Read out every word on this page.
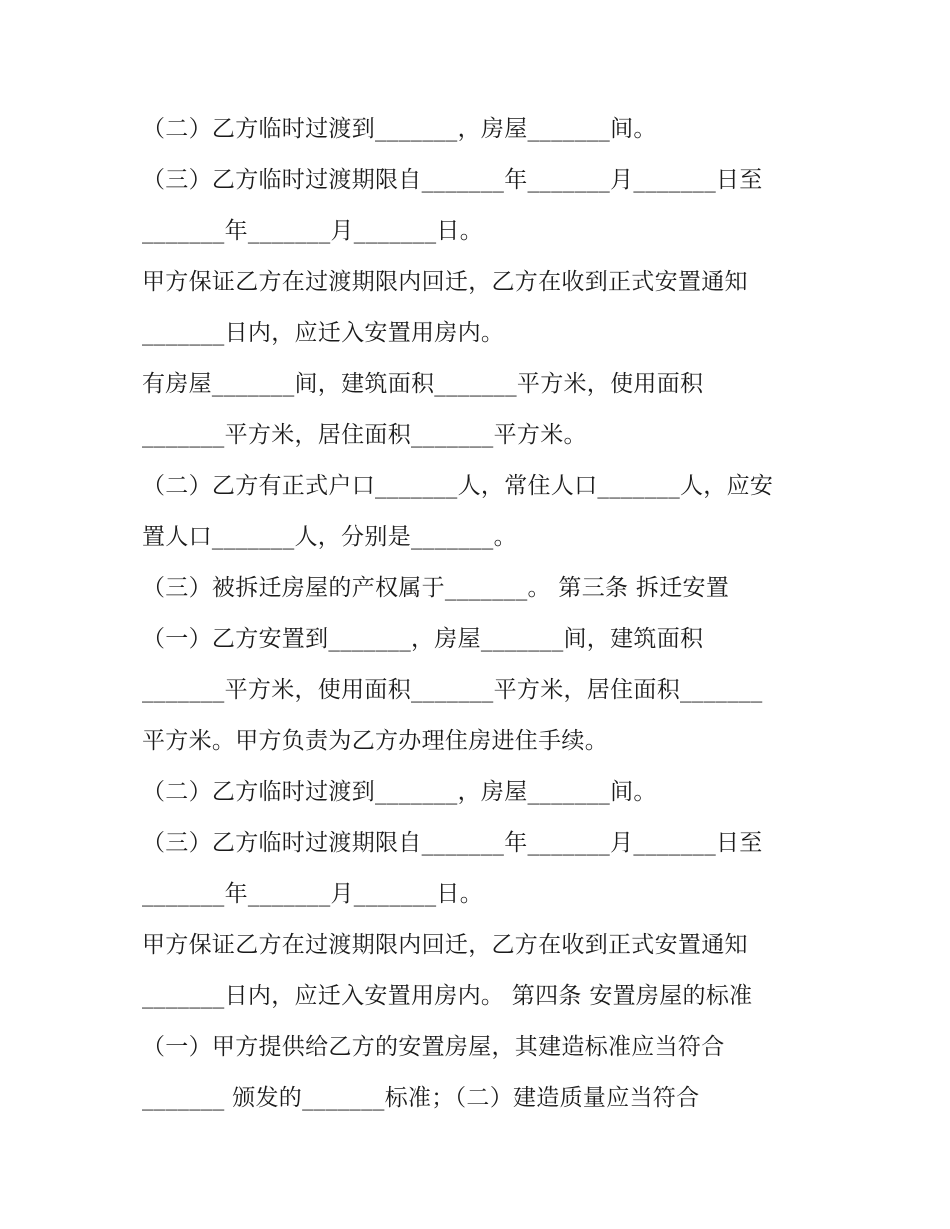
（二）乙方临时过渡到_______，房屋_______间。
（三）乙方临时过渡期限自_______年_______月_______日至
_______年_______月_______日。
甲方保证乙方在过渡期限内回迁，乙方在收到正式安置通知
_______日内，应迁入安置用房内。
有房屋_______间，建筑面积_______平方米，使用面积
_______平方米，居住面积_______平方米。
（二）乙方有正式户口_______人，常住人口_______人，应安
置人口_______人，分别是_______。
（三）被拆迁房屋的产权属于_______。 第三条 拆迁安置
（一）乙方安置到_______，房屋_______间，建筑面积
_______平方米，使用面积_______平方米，居住面积_______
平方米。甲方负责为乙方办理住房进住手续。
（二）乙方临时过渡到_______，房屋_______间。
（三）乙方临时过渡期限自_______年_______月_______日至
_______年_______月_______日。
甲方保证乙方在过渡期限内回迁，乙方在收到正式安置通知
_______日内，应迁入安置用房内。 第四条 安置房屋的标准
（一）甲方提供给乙方的安置房屋，其建造标准应当符合
_______ 颁发的_______标准；（二）建造质量应当符合
